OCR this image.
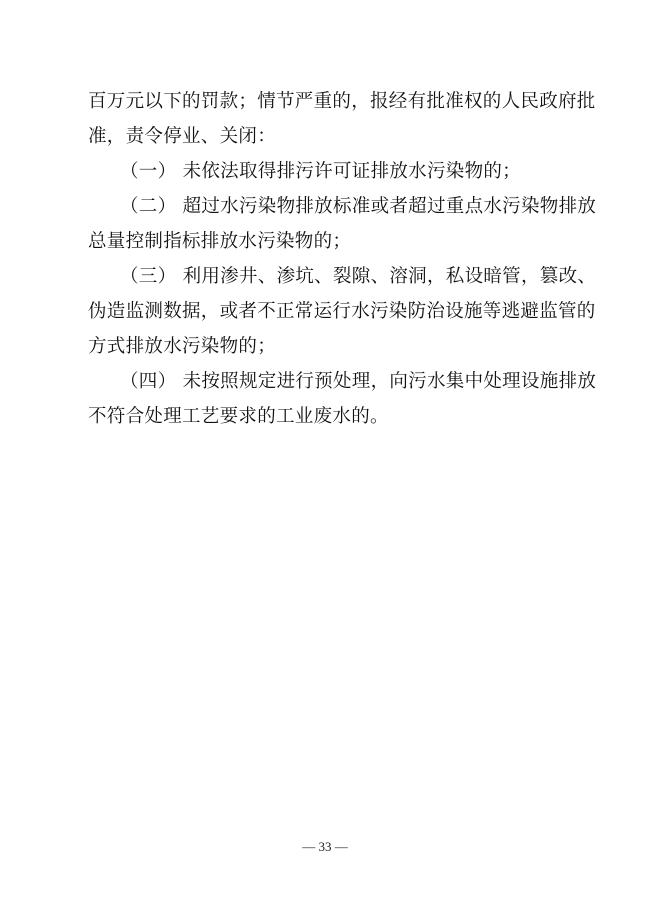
百万元以下的罚款；情节严重的，报经有批准权的人民政府批
准，责令停业、关闭：
（一） 未依法取得排污许可证排放水污染物的；
（二） 超过水污染物排放标准或者超过重点水污染物排放
总量控制指标排放水污染物的；
（三） 利用渗井、渗坑、裂隙、溶洞，私设暗管，篡改、
伪造监测数据，或者不正常运行水污染防治设施等逃避监管的
方式排放水污染物的；
（四） 未按照规定进行预处理，向污水集中处理设施排放
不符合处理工艺要求的工业废水的。
— 33 —
